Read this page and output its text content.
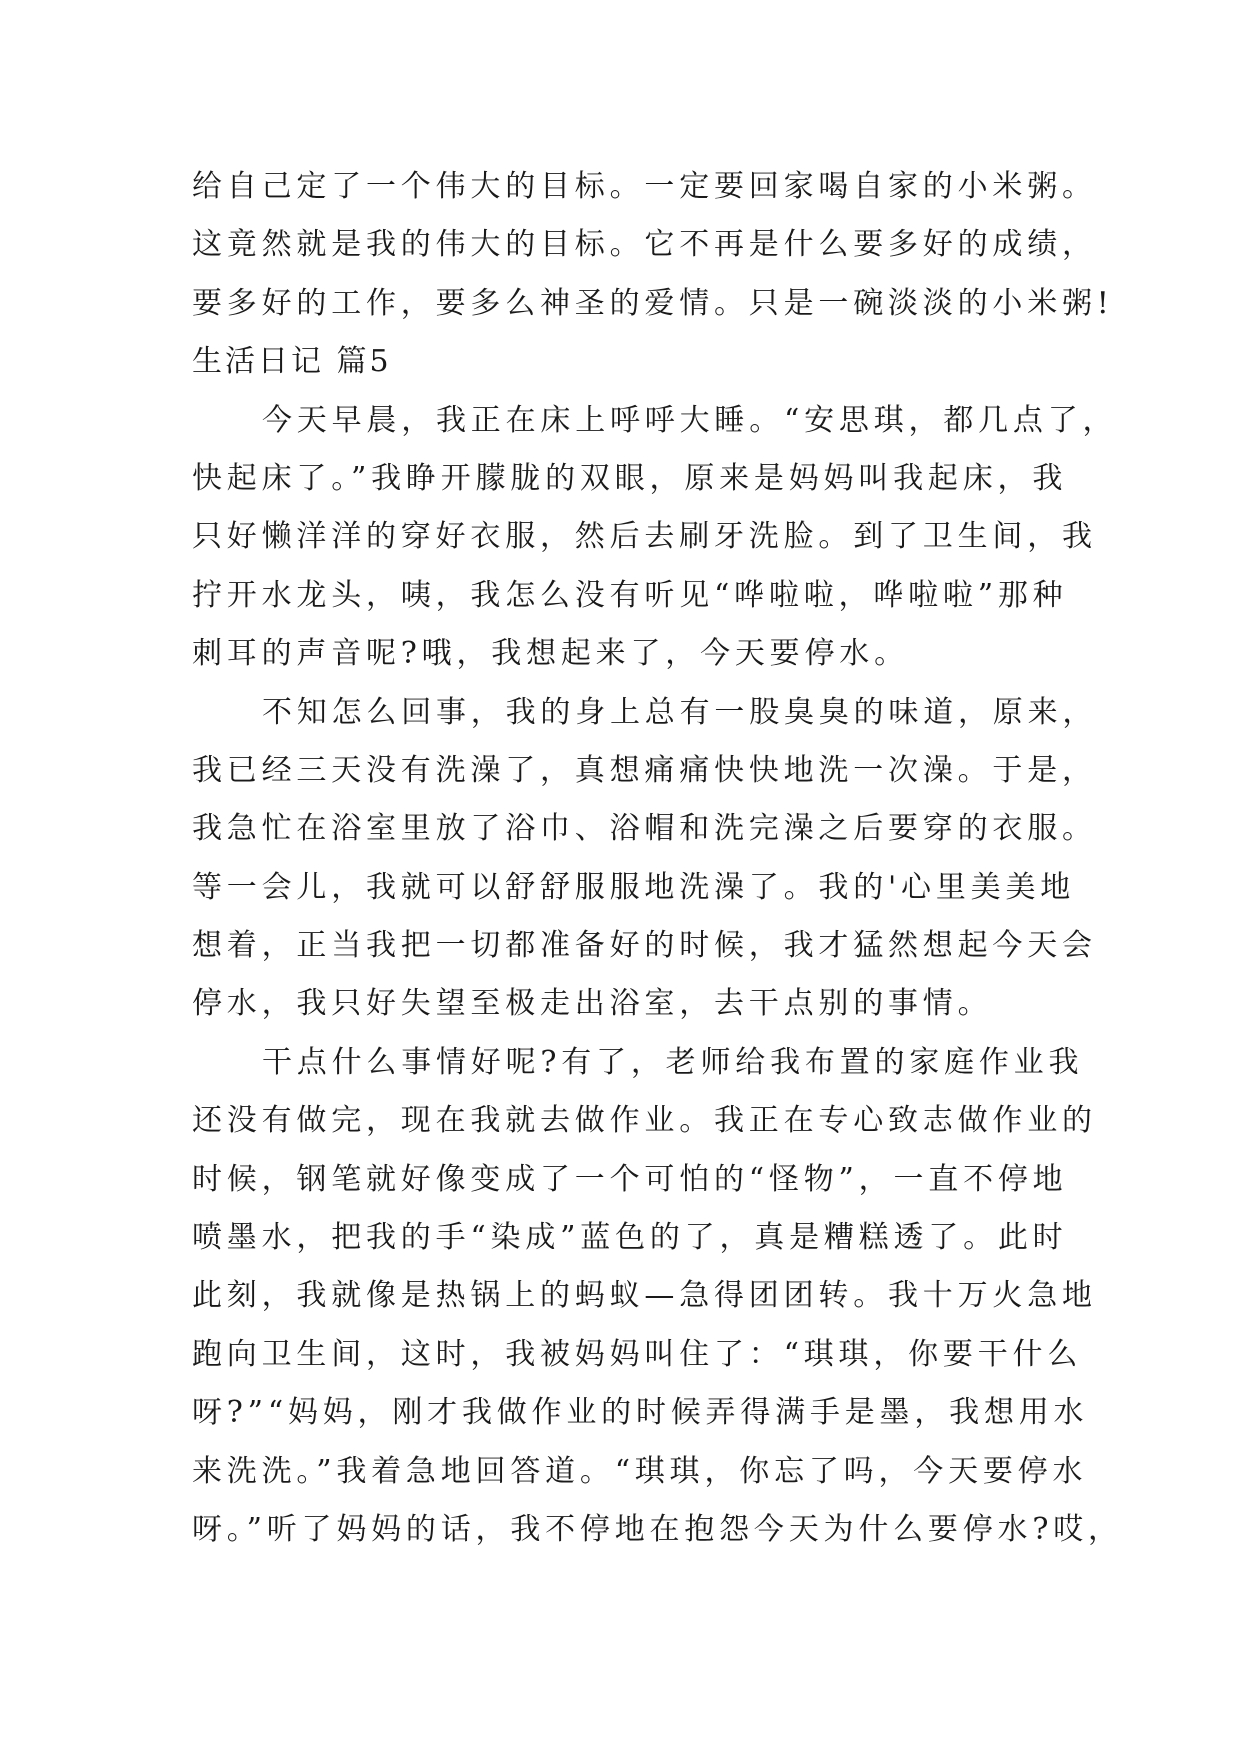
给自己定了一个伟大的目标。一定要回家喝自家的小米粥。
这竟然就是我的伟大的目标。它不再是什么要多好的成绩，
要多好的工作，要多么神圣的爱情。只是一碗淡淡的小米粥!
生活日记 篇5
今天早晨，我正在床上呼呼大睡。“安思琪，都几点了，
快起床了。”我睁开朦胧的双眼，原来是妈妈叫我起床，我
只好懒洋洋的穿好衣服，然后去刷牙洗脸。到了卫生间，我
拧开水龙头，咦，我怎么没有听见“哗啦啦，哗啦啦”那种
刺耳的声音呢?哦，我想起来了，今天要停水。
不知怎么回事，我的身上总有一股臭臭的味道，原来，
我已经三天没有洗澡了，真想痛痛快快地洗一次澡。于是，
我急忙在浴室里放了浴巾、浴帽和洗完澡之后要穿的衣服。
等一会儿，我就可以舒舒服服地洗澡了。我的'心里美美地
想着，正当我把一切都准备好的时候，我才猛然想起今天会
停水，我只好失望至极走出浴室，去干点别的事情。
干点什么事情好呢?有了，老师给我布置的家庭作业我
还没有做完，现在我就去做作业。我正在专心致志做作业的
时候，钢笔就好像变成了一个可怕的“怪物”，一直不停地
喷墨水，把我的手“染成”蓝色的了，真是糟糕透了。此时
此刻，我就像是热锅上的蚂蚁—急得团团转。我十万火急地
跑向卫生间，这时，我被妈妈叫住了：“琪琪，你要干什么
呀?”“妈妈，刚才我做作业的时候弄得满手是墨，我想用水
来洗洗。”我着急地回答道。“琪琪，你忘了吗，今天要停水
呀。”听了妈妈的话，我不停地在抱怨今天为什么要停水?哎，
